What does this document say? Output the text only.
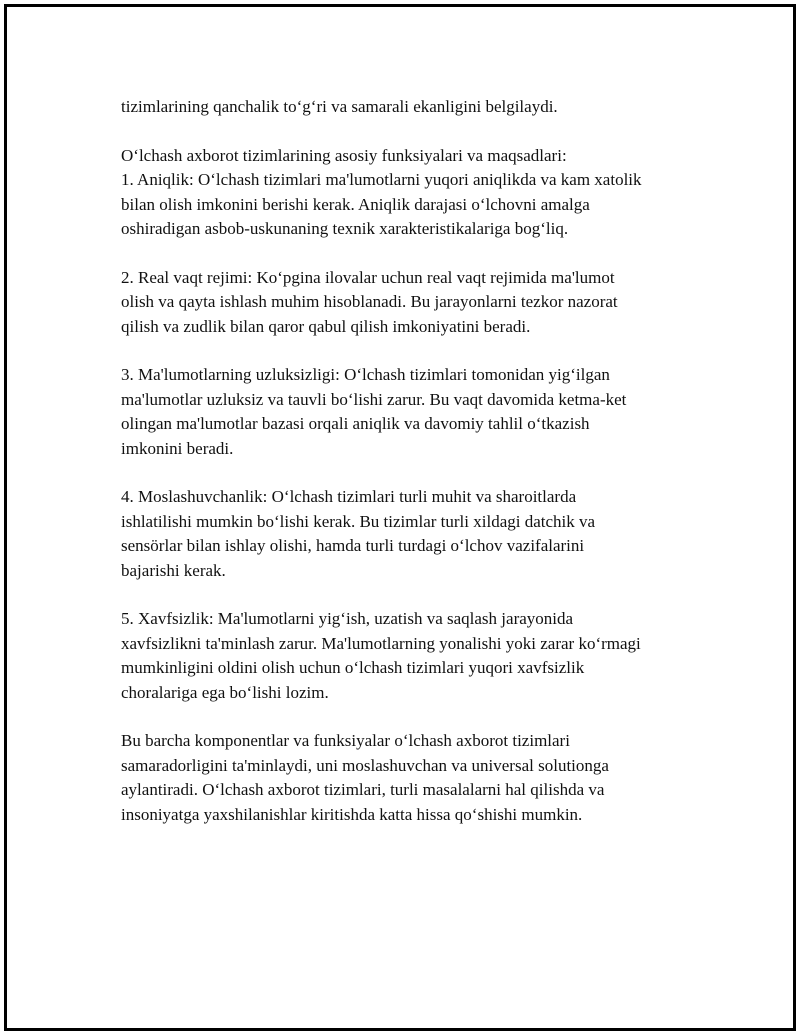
tizimlarining qanchalik to‘g‘ri va samarali ekanligini belgilaydi.

O‘lchash axborot tizimlarining asosiy funksiyalari va maqsadlari:
1. Aniqlik: O‘lchash tizimlari ma'lumotlarni yuqori aniqlikda va kam xatolik
bilan olish imkonini berishi kerak. Aniqlik darajasi o‘lchovni amalga
oshiradigan asbob-uskunaning texnik xarakteristikalariga bog‘liq.

2. Real vaqt rejimi: Ko‘pgina ilovalar uchun real vaqt rejimida ma'lumot
olish va qayta ishlash muhim hisoblanadi. Bu jarayonlarni tezkor nazorat
qilish va zudlik bilan qaror qabul qilish imkoniyatini beradi.

3. Ma'lumotlarning uzluksizligi: O‘lchash tizimlari tomonidan yig‘ilgan
ma'lumotlar uzluksiz va tauvli bo‘lishi zarur. Bu vaqt davomida ketma-ket
olingan ma'lumotlar bazasi orqali aniqlik va davomiy tahlil o‘tkazish
imkonini beradi.

4. Moslashuvchanlik: O‘lchash tizimlari turli muhit va sharoitlarda
ishlatilishi mumkin bo‘lishi kerak. Bu tizimlar turli xildagi datchik va
sensörlar bilan ishlay olishi, hamda turli turdagi o‘lchov vazifalarini
bajarishi kerak.

5. Xavfsizlik: Ma'lumotlarni yig‘ish, uzatish va saqlash jarayonida
xavfsizlikni ta'minlash zarur. Ma'lumotlarning yonalishi yoki zarar ko‘rmagi
mumkinligini oldini olish uchun o‘lchash tizimlari yuqori xavfsizlik
choralariga ega bo‘lishi lozim.

Bu barcha komponentlar va funksiyalar o‘lchash axborot tizimlari
samaradorligini ta'minlaydi, uni moslashuvchan va universal solutionga
aylantiradi. O‘lchash axborot tizimlari, turli masalalarni hal qilishda va
insoniyatga yaxshilanishlar kiritishda katta hissa qo‘shishi mumkin.
